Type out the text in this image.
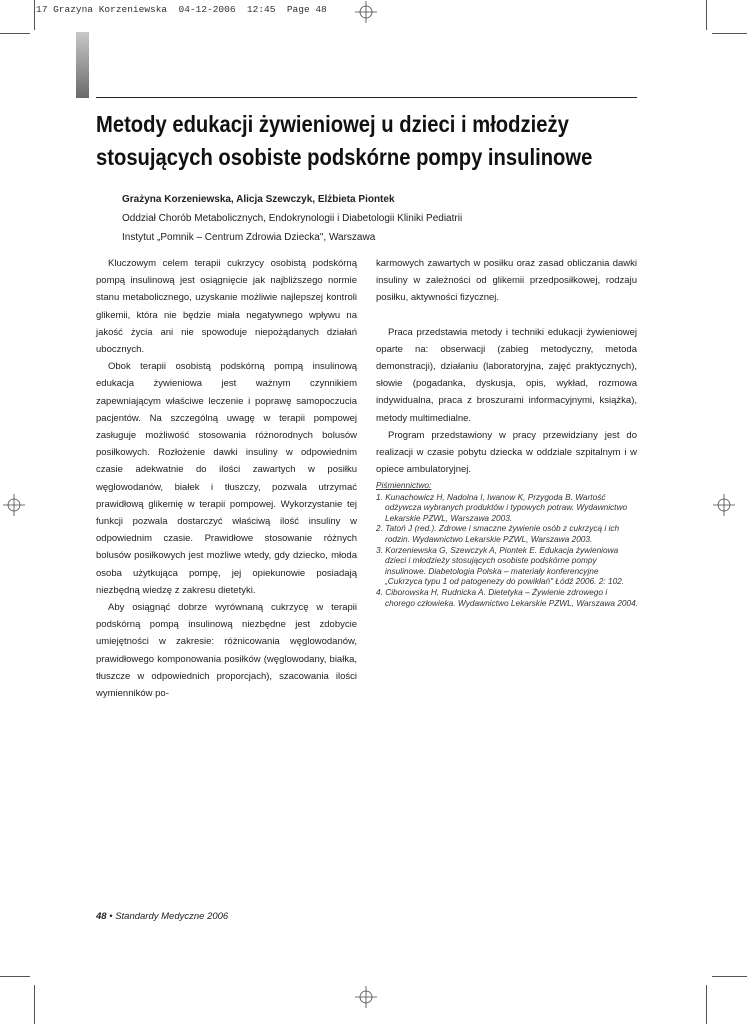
17 Grazyna Korzeniewska  04-12-2006  12:45  Page 48
Metody edukacji żywieniowej u dzieci i młodzieży
stosujących osobiste podskórne pompy insulinowe
Grażyna Korzeniewska, Alicja Szewczyk, Elżbieta Piontek
Oddział Chorób Metabolicznych, Endokrynologii i Diabetologii Kliniki Pediatrii
Instytut „Pomnik – Centrum Zdrowia Dziecka", Warszawa

Kluczowym celem terapii cukrzycy osobistą podskórną pompą insulinową jest osiągnięcie jak najbliższego normie stanu metabolicznego, uzyskanie możliwie najlepszej kontroli glikemii, która nie będzie miała negatywnego wpływu na jakość życia ani nie spowoduje niepożądanych działań ubocznych.

Obok terapii osobistą podskórną pompą insulinową edukacja żywieniowa jest ważnym czynnikiem zapewniającym właściwe leczenie i poprawę samopoczucia pacjentów. Na szczególną uwagę w terapii pompowej zasługuje możliwość stosowania różnorodnych bolusów posiłkowych. Rozłożenie dawki insuliny w odpowiednim czasie adekwatnie do ilości zawartych w posiłku węglowodanów, białek i tłuszczy, pozwala utrzymać prawidłową glikemię w terapii pompowej. Wykorzystanie tej funkcji pozwala dostarczyć właściwą ilość insuliny w odpowiednim czasie. Prawidłowe stosowanie różnych bolusów posiłkowych jest możliwe wtedy, gdy dziecko, młoda osoba użytkująca pompę, jej opiekunowie posiadają niezbędną wiedzę z zakresu dietetyki.

Aby osiągnąć dobrze wyrównaną cukrzycę w terapii podskórną pompą insulinową niezbędne jest zdobycie umiejętności w zakresie: różnicowania węglowodanów, prawidłowego komponowania posiłków (węglowodany, białka, tłuszcze w odpowiednich proporcjach), szacowania ilości wymienników po-

karmowych zawartych w posiłku oraz zasad obliczania dawki insuliny w zależności od glikemii przedposiłkowej, rodzaju posiłku, aktywności fizycznej.

Praca przedstawia metody i techniki edukacji żywieniowej oparte na: obserwacji (zabieg metodyczny, metoda demonstracji), działaniu (laboratoryjna, zajęć praktycznych), słowie (pogadanka, dyskusja, opis, wykład, rozmowa indywidualna, praca z broszurami informacyjnymi, książka), metody multimedialne.

Program przedstawiony w pracy przewidziany jest do realizacji w czasie pobytu dziecka w oddziale szpitalnym i w opiece ambulatoryjnej.

Piśmiennictwo:
1. Kunachowicz H, Nadolna I, Iwanow K, Przygoda B. Wartość odżywcza wybranych produktów i typowych potraw. Wydawnictwo Lekarskie PZWL, Warszawa 2003.
2. Tatoń J (red.). Zdrowe i smaczne żywienie osób z cukrzycą i ich rodzin. Wydawnictwo Lekarskie PZWL, Warszawa 2003.
3. Korzeniewska G, Szewczyk A, Piontek E. Edukacja żywieniowa dzieci i młodzieży stosujących osobiste podskórne pompy insulinowe. Diabetologia Polska – materiały konferencyjne „Cukrzyca typu 1 od patogenezy do powikłań" Łódź 2006. 2: 102.
4. Ciborowska H, Rudnicka A. Dietetyka – Żywienie zdrowego i chorego człowieka. Wydawnictwo Lekarskie PZWL, Warszawa 2004.
48 • Standardy Medyczne 2006
